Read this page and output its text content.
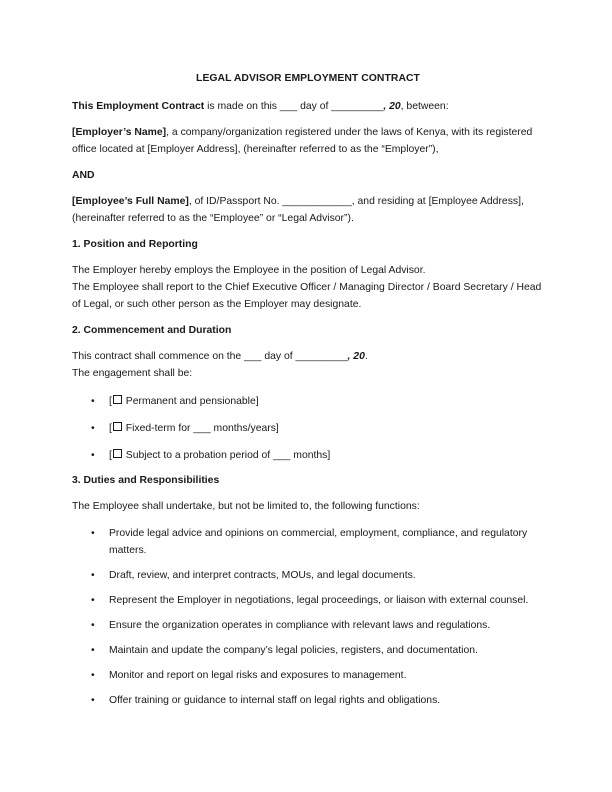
LEGAL ADVISOR EMPLOYMENT CONTRACT

This Employment Contract is made on this ___ day of _________, 20, between:

[Employer’s Name], a company/organization registered under the laws of Kenya, with its registered office located at [Employer Address], (hereinafter referred to as the “Employer”),

AND

[Employee’s Full Name], of ID/Passport No. ____________, and residing at [Employee Address], (hereinafter referred to as the “Employee” or “Legal Advisor”).

1. Position and Reporting

The Employer hereby employs the Employee in the position of Legal Advisor.
The Employee shall report to the Chief Executive Officer / Managing Director / Board Secretary / Head of Legal, or such other person as the Employer may designate.

2. Commencement and Duration

This contract shall commence on the ___ day of _________, 20.
The engagement shall be:

• [ Permanent and pensionable]
• [ Fixed-term for ___ months/years]
• [ Subject to a probation period of ___ months]
3. Duties and Responsibilities

The Employee shall undertake, but not be limited to, the following functions:

• Provide legal advice and opinions on commercial, employment, compliance, and regulatory matters.
• Draft, review, and interpret contracts, MOUs, and legal documents.
• Represent the Employer in negotiations, legal proceedings, or liaison with external counsel.
• Ensure the organization operates in compliance with relevant laws and regulations.
• Maintain and update the company’s legal policies, registers, and documentation.
• Monitor and report on legal risks and exposures to management.
• Offer training or guidance to internal staff on legal rights and obligations.
